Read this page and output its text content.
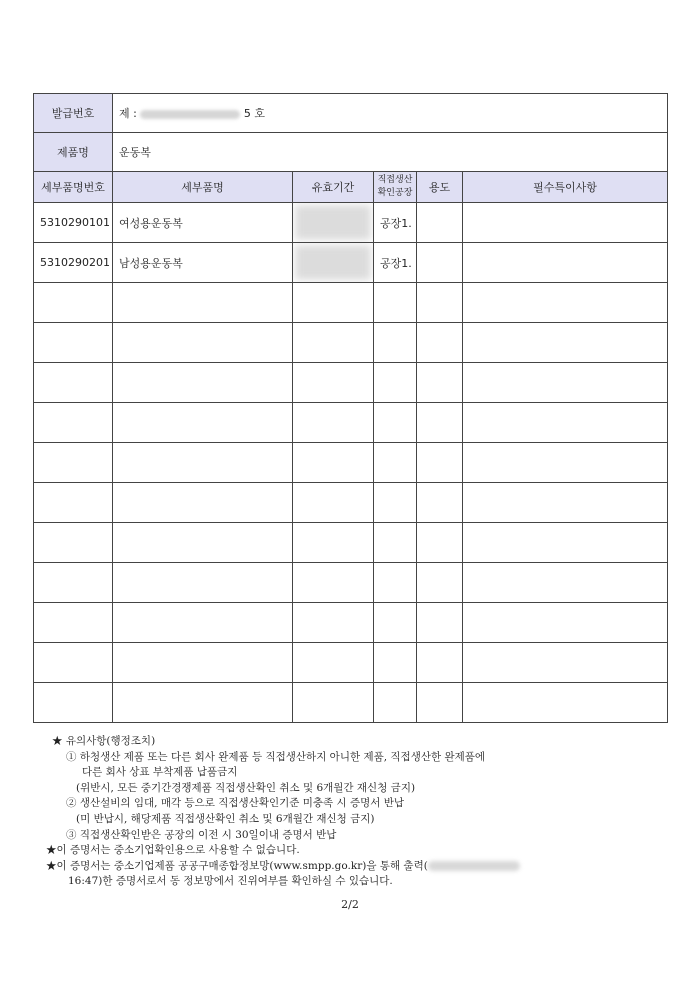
발급번호	제 : 5 호				
제품명	운동복				
세부품명번호	세부품명	유효기간	직접생산 확인공장	용도	필수특이사항
5310290101	여성용운동복		공장1.		
5310290201	남성용운동복		공장1.		

★ 유의사항(행정조치)
① 하청생산 제품 또는 다른 회사 완제품 등 직접생산하지 아니한 제품, 직접생산한 완제품에
다른 회사 상표 부착제품 납품금지
(위반시, 모든 중기간경쟁제품 직접생산확인 취소 및 6개월간 재신청 금지)
② 생산설비의 임대, 매각 등으로 직접생산확인기준 미충족 시 증명서 반납
(미 반납시, 해당제품 직접생산확인 취소 및 6개월간 재신청 금지)
③ 직접생산확인받은 공장의 이전 시 30일이내 증명서 반납
★이 증명서는 중소기업확인용으로 사용할 수 없습니다.
★이 증명서는 중소기업제품 공공구매종합정보망(www.smpp.go.kr)을 통해 출력(
16:47)한 증명서로서 동 정보망에서 진위여부를 확인하실 수 있습니다.
2/2
